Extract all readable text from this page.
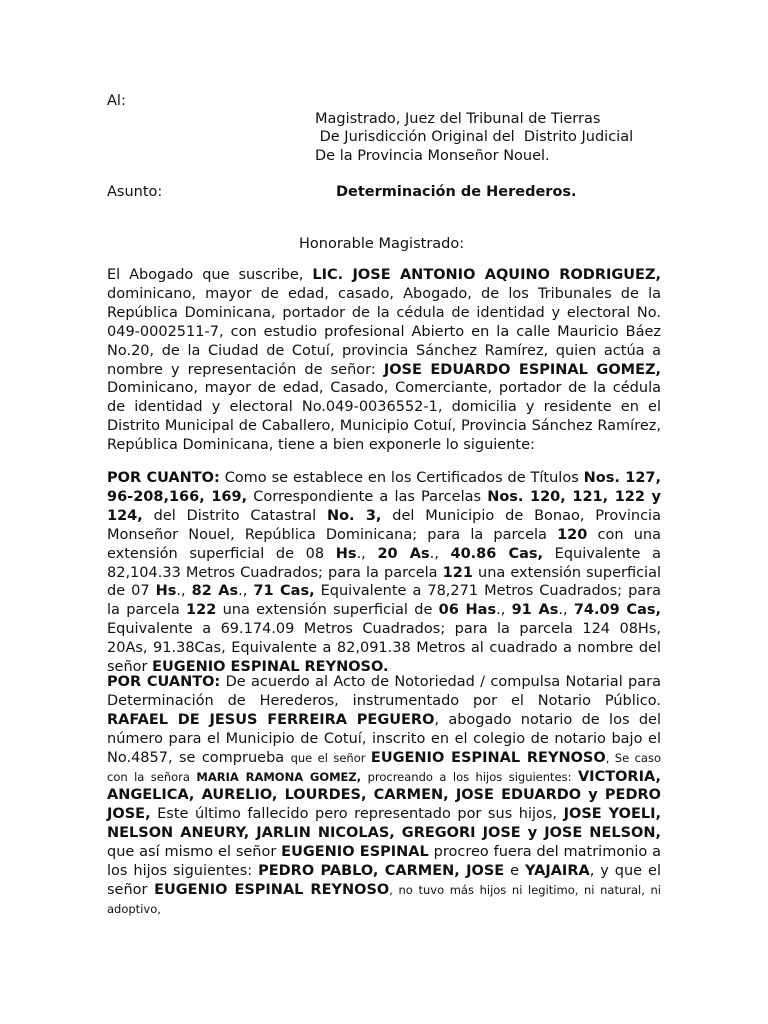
Al:
Magistrado, Juez del Tribunal de Tierras
De Jurisdicción Original del  Distrito Judicial
De la Provincia Monseñor Nouel.
Asunto:	Determinación de Herederos.
Honorable Magistrado:
El Abogado que suscribe, LIC. JOSE ANTONIO AQUINO RODRIGUEZ, dominicano, mayor de edad, casado, Abogado, de los Tribunales de la República Dominicana, portador de la cédula de identidad y electoral No. 049-0002511-7, con estudio profesional Abierto en la calle Mauricio Báez No.20, de la Ciudad de Cotuí, provincia Sánchez Ramírez, quien actúa a nombre y representación de señor: JOSE EDUARDO ESPINAL GOMEZ, Dominicano, mayor de edad, Casado, Comerciante, portador de la cédula de identidad y electoral No.049-0036552-1, domicilia y residente en el Distrito Municipal de Caballero, Municipio Cotuí, Provincia Sánchez Ramírez, República Dominicana, tiene a bien exponerle lo siguiente:
POR CUANTO: Como se establece en los Certificados de Títulos Nos. 127, 96-208,166, 169, Correspondiente a las Parcelas Nos. 120, 121, 122 y 124, del Distrito Catastral No. 3, del Municipio de Bonao, Provincia Monseñor Nouel, República Dominicana; para la parcela 120 con una extensión superficial de 08 Hs., 20 As., 40.86 Cas, Equivalente a 82,104.33 Metros Cuadrados; para la parcela 121 una extensión superficial de 07 Hs., 82 As., 71 Cas, Equivalente a 78,271 Metros Cuadrados; para la parcela 122 una extensión superficial de 06 Has., 91 As., 74.09 Cas, Equivalente a 69.174.09 Metros Cuadrados; para la parcela 124 08Hs, 20As, 91.38Cas, Equivalente a 82,091.38 Metros al cuadrado a nombre del señor EUGENIO ESPINAL REYNOSO.
POR CUANTO: De acuerdo al Acto de Notoriedad / compulsa Notarial para Determinación de Herederos, instrumentado por el Notario Público. RAFAEL DE JESUS FERREIRA PEGUERO, abogado notario de los del número para el Municipio de Cotuí, inscrito en el colegio de notario bajo el No.4857, se comprueba que el señor EUGENIO ESPINAL REYNOSO, Se caso con la señora MARIA RAMONA GOMEZ, procreando a los hijos siguientes: VICTORIA, ANGELICA, AURELIO, LOURDES, CARMEN, JOSE EDUARDO y PEDRO JOSE, Este último fallecido pero representado por sus hijos, JOSE YOELI, NELSON ANEURY, JARLIN NICOLAS, GREGORI JOSE y JOSE NELSON, que así mismo el señor EUGENIO ESPINAL procreo fuera del matrimonio a los hijos siguientes: PEDRO PABLO, CARMEN, JOSE e YAJAIRA, y que el señor EUGENIO ESPINAL REYNOSO, no tuvo más hijos ni legitimo, ni natural, ni adoptivo,
